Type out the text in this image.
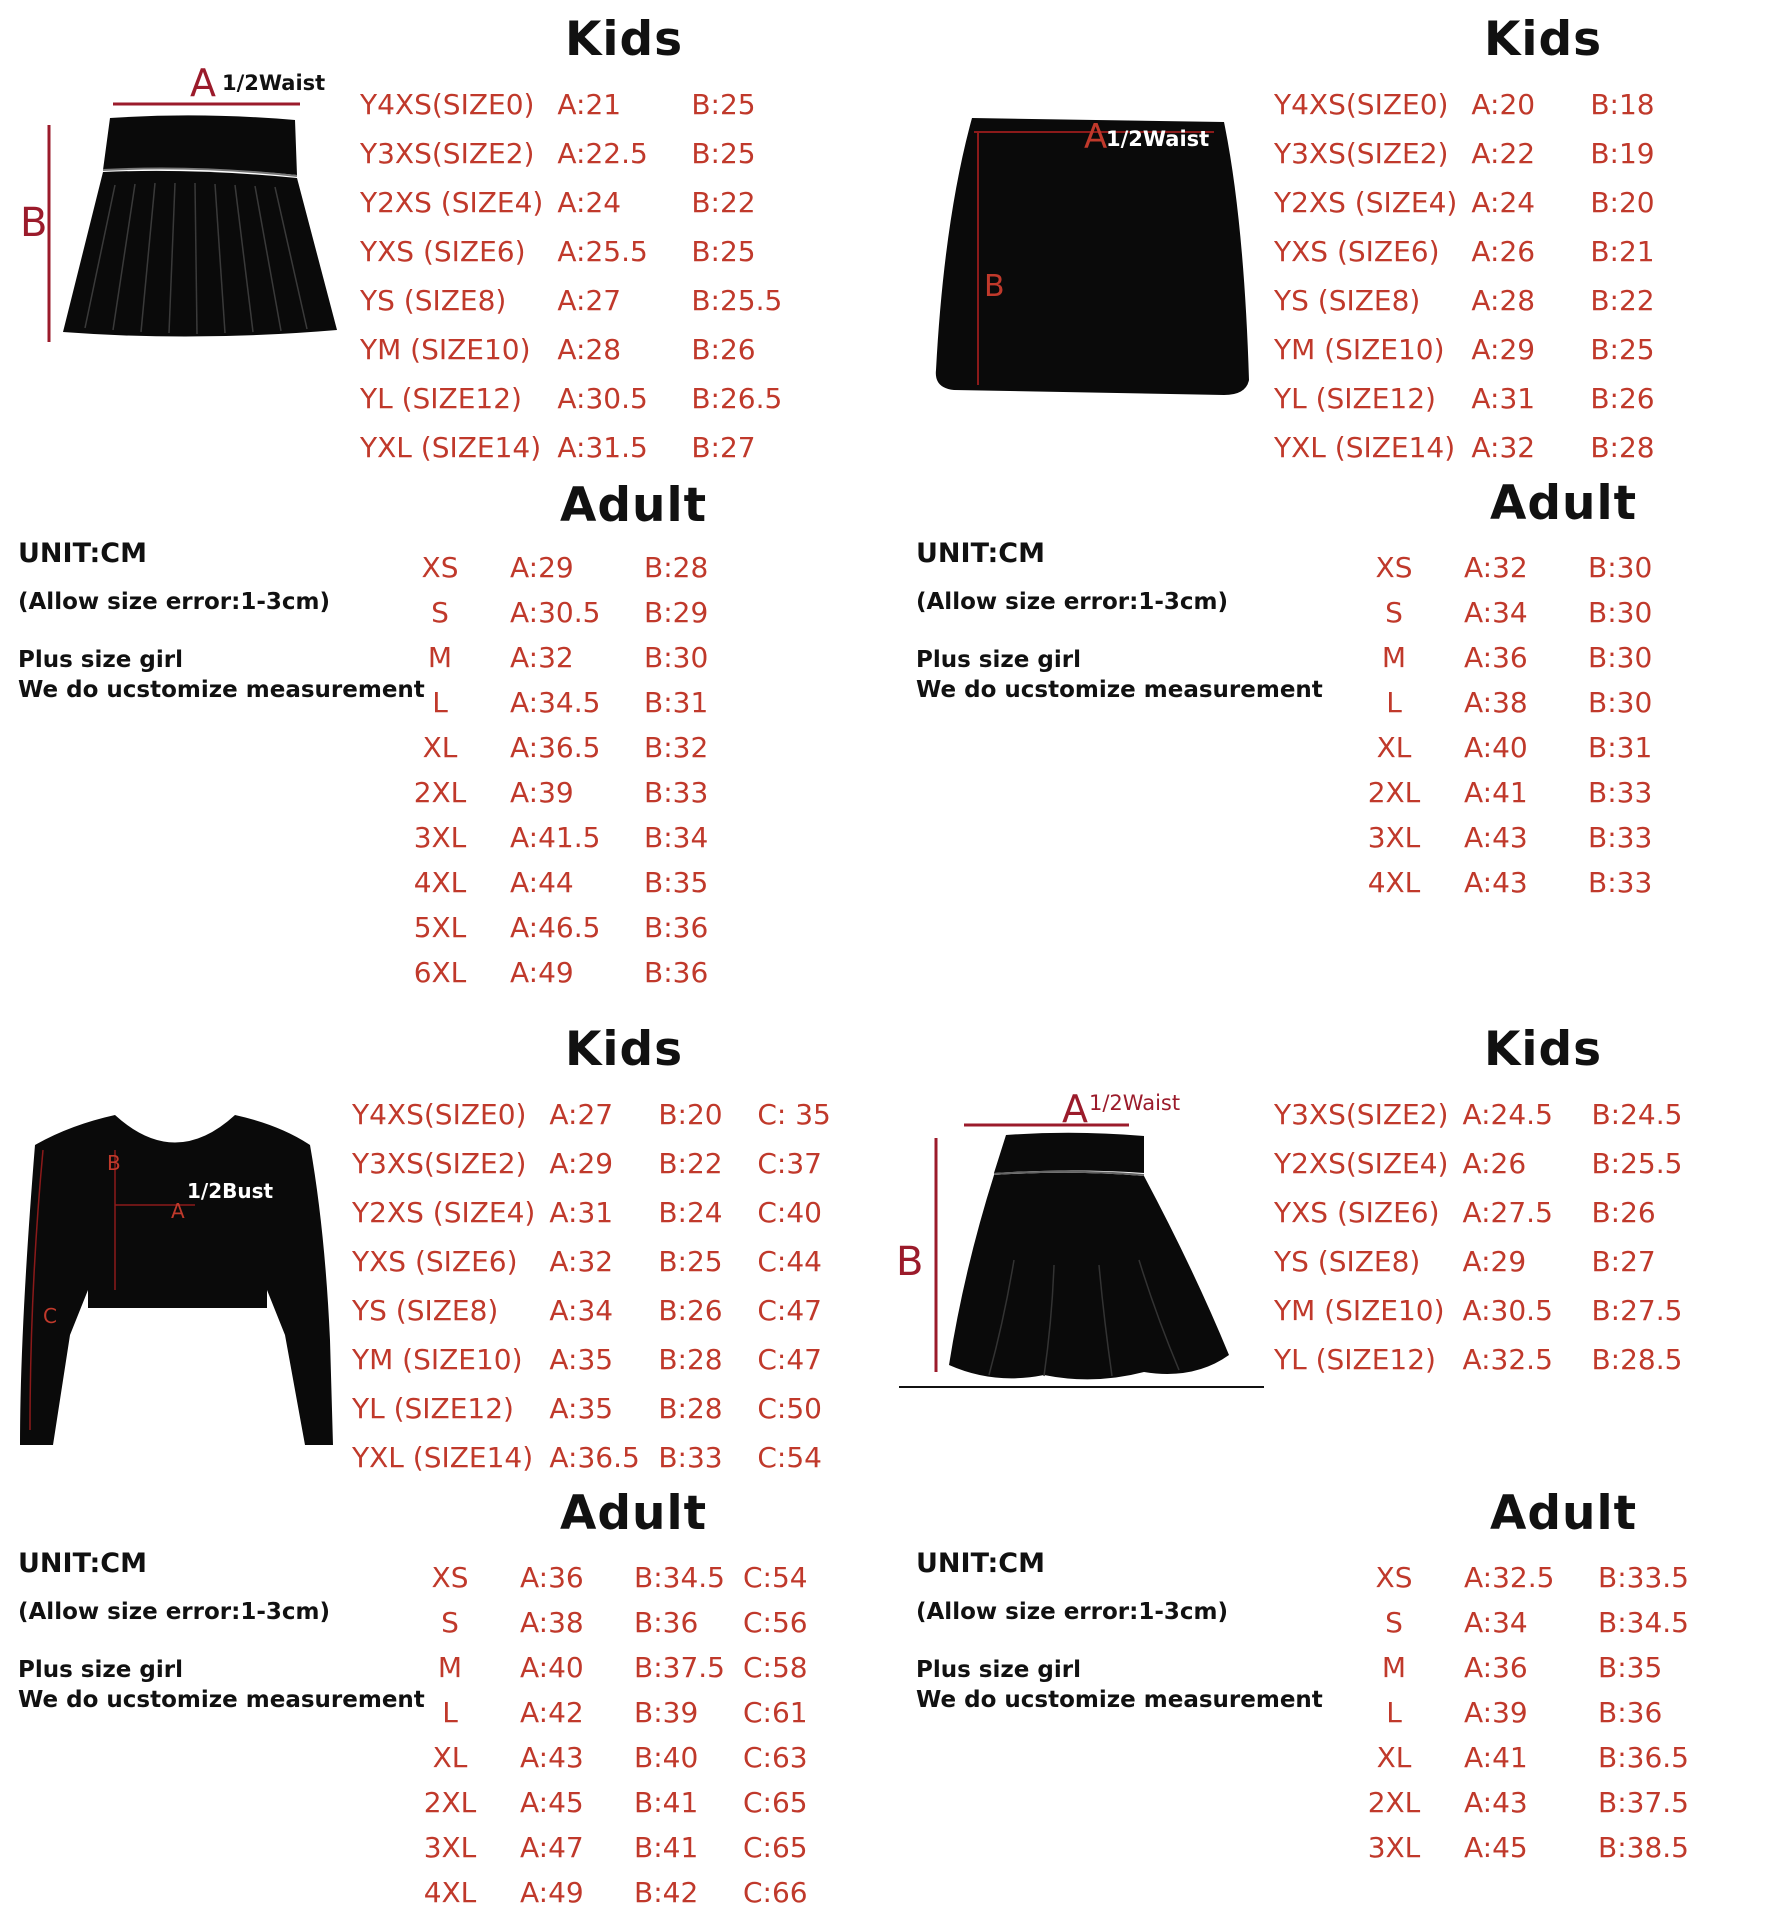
A 1/2Waist
B
Kids
Y4XS(SIZE0)	A:21	B:25
Y3XS(SIZE2)	A:22.5	B:25
Y2XS (SIZE4)	A:24	B:22
YXS (SIZE6)	A:25.5	B:25
YS (SIZE8)	A:27	B:25.5
YM (SIZE10)	A:28	B:26
YL (SIZE12)	A:30.5	B:26.5
YXL (SIZE14)	A:31.5	B:27
Adult
UNIT:CM
(Allow size error:1-3cm)
Plus size girl
We do ucstomize measurement
XS	A:29	B:28
S	A:30.5	B:29
M	A:32	B:30
L	A:34.5	B:31
XL	A:36.5	B:32
2XL	A:39	B:33
3XL	A:41.5	B:34
4XL	A:44	B:35
5XL	A:46.5	B:36
6XL	A:49	B:36
A
1/2Waist
B
Kids
Y4XS(SIZE0)	A:20	B:18
Y3XS(SIZE2)	A:22	B:19
Y2XS (SIZE4)	A:24	B:20
YXS (SIZE6)	A:26	B:21
YS (SIZE8)	A:28	B:22
YM (SIZE10)	A:29	B:25
YL (SIZE12)	A:31	B:26
YXL (SIZE14)	A:32	B:28
Adult
UNIT:CM
(Allow size error:1-3cm)
Plus size girl
We do ucstomize measurement
XS	A:32	B:30
S	A:34	B:30
M	A:36	B:30
L	A:38	B:30
XL	A:40	B:31
2XL	A:41	B:33
3XL	A:43	B:33
4XL	A:43	B:33
B
A
1/2Bust
C
Kids
Y4XS(SIZE0)	A:27	B:20	C: 35
Y3XS(SIZE2)	A:29	B:22	C:37
Y2XS (SIZE4)	A:31	B:24	C:40
YXS (SIZE6)	A:32	B:25	C:44
YS (SIZE8)	A:34	B:26	C:47
YM (SIZE10)	A:35	B:28	C:47
YL (SIZE12)	A:35	B:28	C:50
YXL (SIZE14)	A:36.5	B:33	C:54
Adult
UNIT:CM
(Allow size error:1-3cm)
Plus size girl
We do ucstomize measurement
XS	A:36	B:34.5	C:54
S	A:38	B:36	C:56
M	A:40	B:37.5	C:58
L	A:42	B:39	C:61
XL	A:43	B:40	C:63
2XL	A:45	B:41	C:65
3XL	A:47	B:41	C:65
4XL	A:49	B:42	C:66
A 1/2Waist
B
Kids
Y3XS(SIZE2)	A:24.5	B:24.5
Y2XS(SIZE4)	A:26	B:25.5
YXS (SIZE6)	A:27.5	B:26
YS (SIZE8)	A:29	B:27
YM (SIZE10)	A:30.5	B:27.5
YL (SIZE12)	A:32.5	B:28.5
Adult
UNIT:CM
(Allow size error:1-3cm)
Plus size girl
We do ucstomize measurement
XS	A:32.5	B:33.5
S	A:34	B:34.5
M	A:36	B:35
L	A:39	B:36
XL	A:41	B:36.5
2XL	A:43	B:37.5
3XL	A:45	B:38.5
